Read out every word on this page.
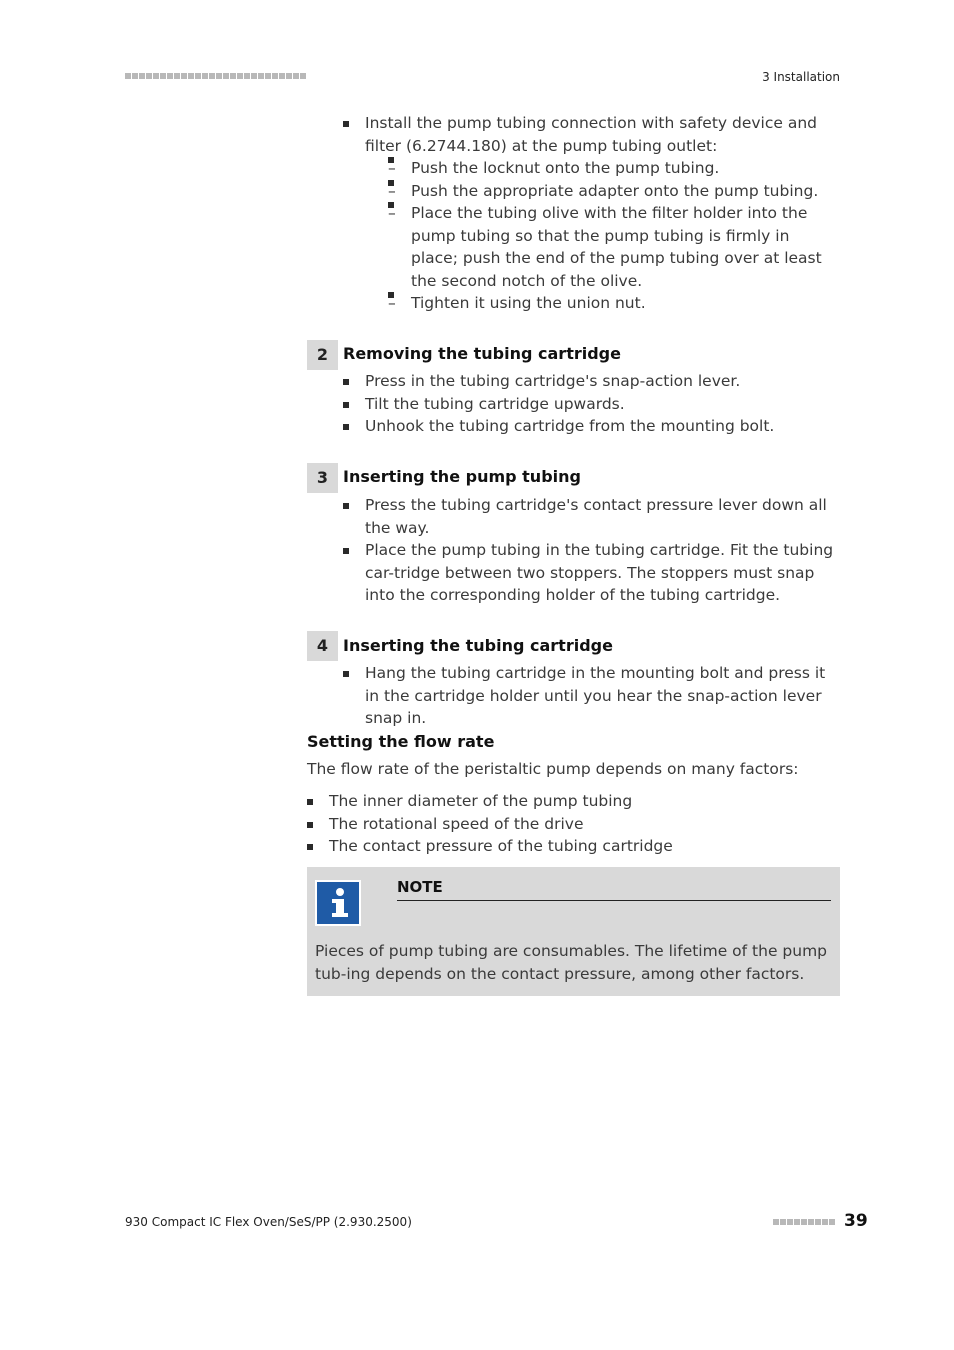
3 Installation
Install the pump tubing connection with safety device and filter (6.2744.180) at the pump tubing outlet:
– Push the locknut onto the pump tubing.
– Push the appropriate adapter onto the pump tubing.
– Place the tubing olive with the filter holder into the pump tubing so that the pump tubing is firmly in place; push the end of the pump tubing over at least the second notch of the olive.
– Tighten it using the union nut.
2 Removing the tubing cartridge
Press in the tubing cartridge's snap-action lever.
Tilt the tubing cartridge upwards.
Unhook the tubing cartridge from the mounting bolt.
3 Inserting the pump tubing
Press the tubing cartridge's contact pressure lever down all the way.
Place the pump tubing in the tubing cartridge. Fit the tubing car-tridge between two stoppers. The stoppers must snap into the corresponding holder of the tubing cartridge.
4 Inserting the tubing cartridge
Hang the tubing cartridge in the mounting bolt and press it in the cartridge holder until you hear the snap-action lever snap in.
Setting the flow rate
The flow rate of the peristaltic pump depends on many factors:
The inner diameter of the pump tubing
The rotational speed of the drive
The contact pressure of the tubing cartridge
NOTE
Pieces of pump tubing are consumables. The lifetime of the pump tub-ing depends on the contact pressure, among other factors.
930 Compact IC Flex Oven/SeS/PP (2.930.2500)	39
